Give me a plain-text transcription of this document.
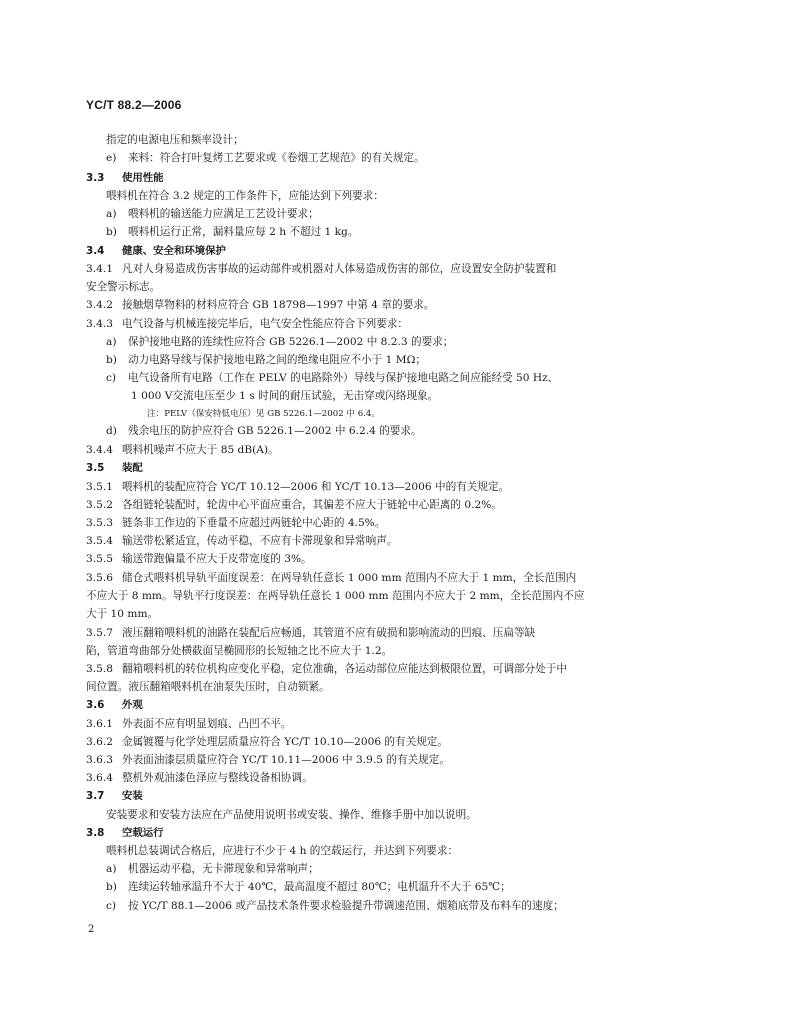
YC/T 88.2—2006
指定的电源电压和频率设计；
e) 来料：符合打叶复烤工艺要求或《卷烟工艺规范》的有关规定。
3.3 使用性能
喂料机在符合 3.2 规定的工作条件下，应能达到下列要求：
a) 喂料机的输送能力应满足工艺设计要求；
b) 喂料机运行正常，漏料量应每 2 h 不超过 1 kg。
3.4 健康、安全和环境保护
3.4.1 凡对人身易造成伤害事故的运动部件或机器对人体易造成伤害的部位，应设置安全防护装置和
安全警示标志。
3.4.2 接触烟草物料的材料应符合 GB 18798—1997 中第 4 章的要求。
3.4.3 电气设备与机械连接完毕后，电气安全性能应符合下列要求：
a) 保护接地电路的连续性应符合 GB 5226.1—2002 中 8.2.3 的要求；
b) 动力电路导线与保护接地电路之间的绝缘电阻应不小于 1 MΩ；
c) 电气设备所有电路（工作在 PELV 的电路除外）导线与保护接地电路之间应能经受 50 Hz、
1 000 V交流电压至少 1 s 时间的耐压试验，无击穿或闪络现象。
注：PELV（保安特低电压）见 GB 5226.1—2002 中 6.4。
d) 残余电压的防护应符合 GB 5226.1—2002 中 6.2.4 的要求。
3.4.4 喂料机噪声不应大于 85 dB(A)。
3.5 装配
3.5.1 喂料机的装配应符合 YC/T 10.12—2006 和 YC/T 10.13—2006 中的有关规定。
3.5.2 各组链轮装配时，轮齿中心平面应重合，其偏差不应大于链轮中心距离的 0.2%。
3.5.3 链条非工作边的下垂量不应超过两链轮中心距的 4.5%。
3.5.4 输送带松紧适宜，传动平稳，不应有卡滞现象和异常响声。
3.5.5 输送带跑偏量不应大于皮带宽度的 3%。
3.5.6 储仓式喂料机导轨平面度误差：在两导轨任意长 1 000 mm 范围内不应大于 1 mm，全长范围内
不应大于 8 mm。导轨平行度误差：在两导轨任意长 1 000 mm 范围内不应大于 2 mm，全长范围内不应
大于 10 mm。
3.5.7 液压翻箱喂料机的油路在装配后应畅通，其管道不应有破损和影响流动的凹痕、压扁等缺
陷，管道弯曲部分处横截面呈椭圆形的长短轴之比不应大于 1.2。
3.5.8 翻箱喂料机的转位机构应变化平稳，定位准确，各运动部位应能达到极限位置，可调部分处于中
间位置。液压翻箱喂料机在油泵失压时，自动锁紧。
3.6 外观
3.6.1 外表面不应有明显划痕、凸凹不平。
3.6.2 金属镀覆与化学处理层质量应符合 YC/T 10.10—2006 的有关规定。
3.6.3 外表面油漆层质量应符合 YC/T 10.11—2006 中 3.9.5 的有关规定。
3.6.4 整机外观油漆色泽应与整线设备相协调。
3.7 安装
安装要求和安装方法应在产品使用说明书或安装、操作、维修手册中加以说明。
3.8 空载运行
喂料机总装调试合格后，应进行不少于 4 h 的空载运行，并达到下列要求：
a) 机器运动平稳，无卡滞现象和异常响声；
b) 连续运转轴承温升不大于 40℃，最高温度不超过 80℃；电机温升不大于 65℃；
c) 按 YC/T 88.1—2006 或产品技术条件要求检验提升带调速范围、烟箱底带及布料车的速度；
2
